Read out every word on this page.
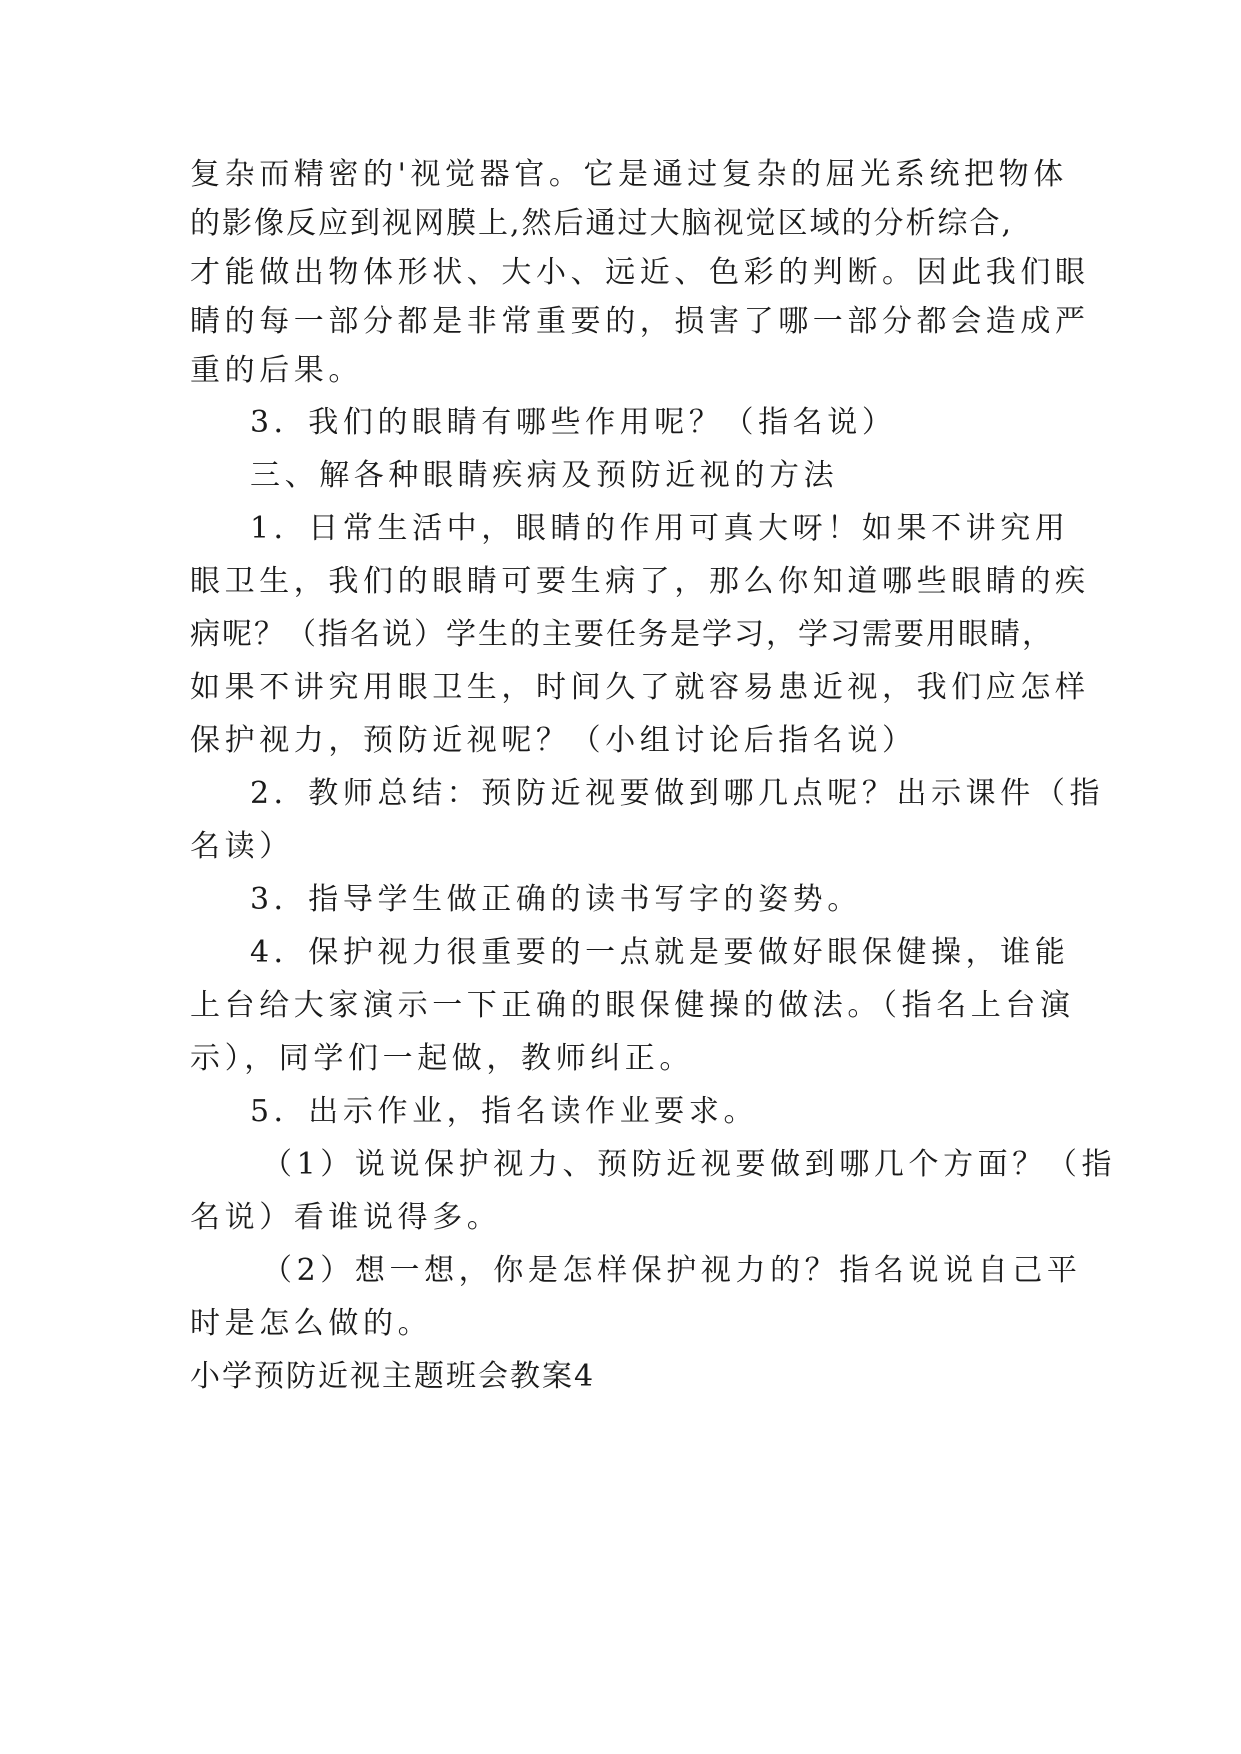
复杂而精密的'视觉器官。它是通过复杂的屈光系统把物体
的影像反应到视网膜上,然后通过大脑视觉区域的分析综合,
才能做出物体形状、大小、远近、色彩的判断。因此我们眼
睛的每一部分都是非常重要的，损害了哪一部分都会造成严
重的后果。
3．我们的眼睛有哪些作用呢？（指名说）
三、解各种眼睛疾病及预防近视的方法
1．日常生活中，眼睛的作用可真大呀！如果不讲究用
眼卫生，我们的眼睛可要生病了，那么你知道哪些眼睛的疾
病呢？（指名说）学生的主要任务是学习，学习需要用眼睛，
如果不讲究用眼卫生，时间久了就容易患近视，我们应怎样
保护视力，预防近视呢？（小组讨论后指名说）
2．教师总结：预防近视要做到哪几点呢？出示课件（指
名读）
3．指导学生做正确的读书写字的姿势。
4．保护视力很重要的一点就是要做好眼保健操，谁能
上台给大家演示一下正确的眼保健操的做法。（指名上台演
示），同学们一起做，教师纠正。
5．出示作业，指名读作业要求。
（1）说说保护视力、预防近视要做到哪几个方面？（指
名说）看谁说得多。
（2）想一想，你是怎样保护视力的？指名说说自己平
时是怎么做的。
小学预防近视主题班会教案4
